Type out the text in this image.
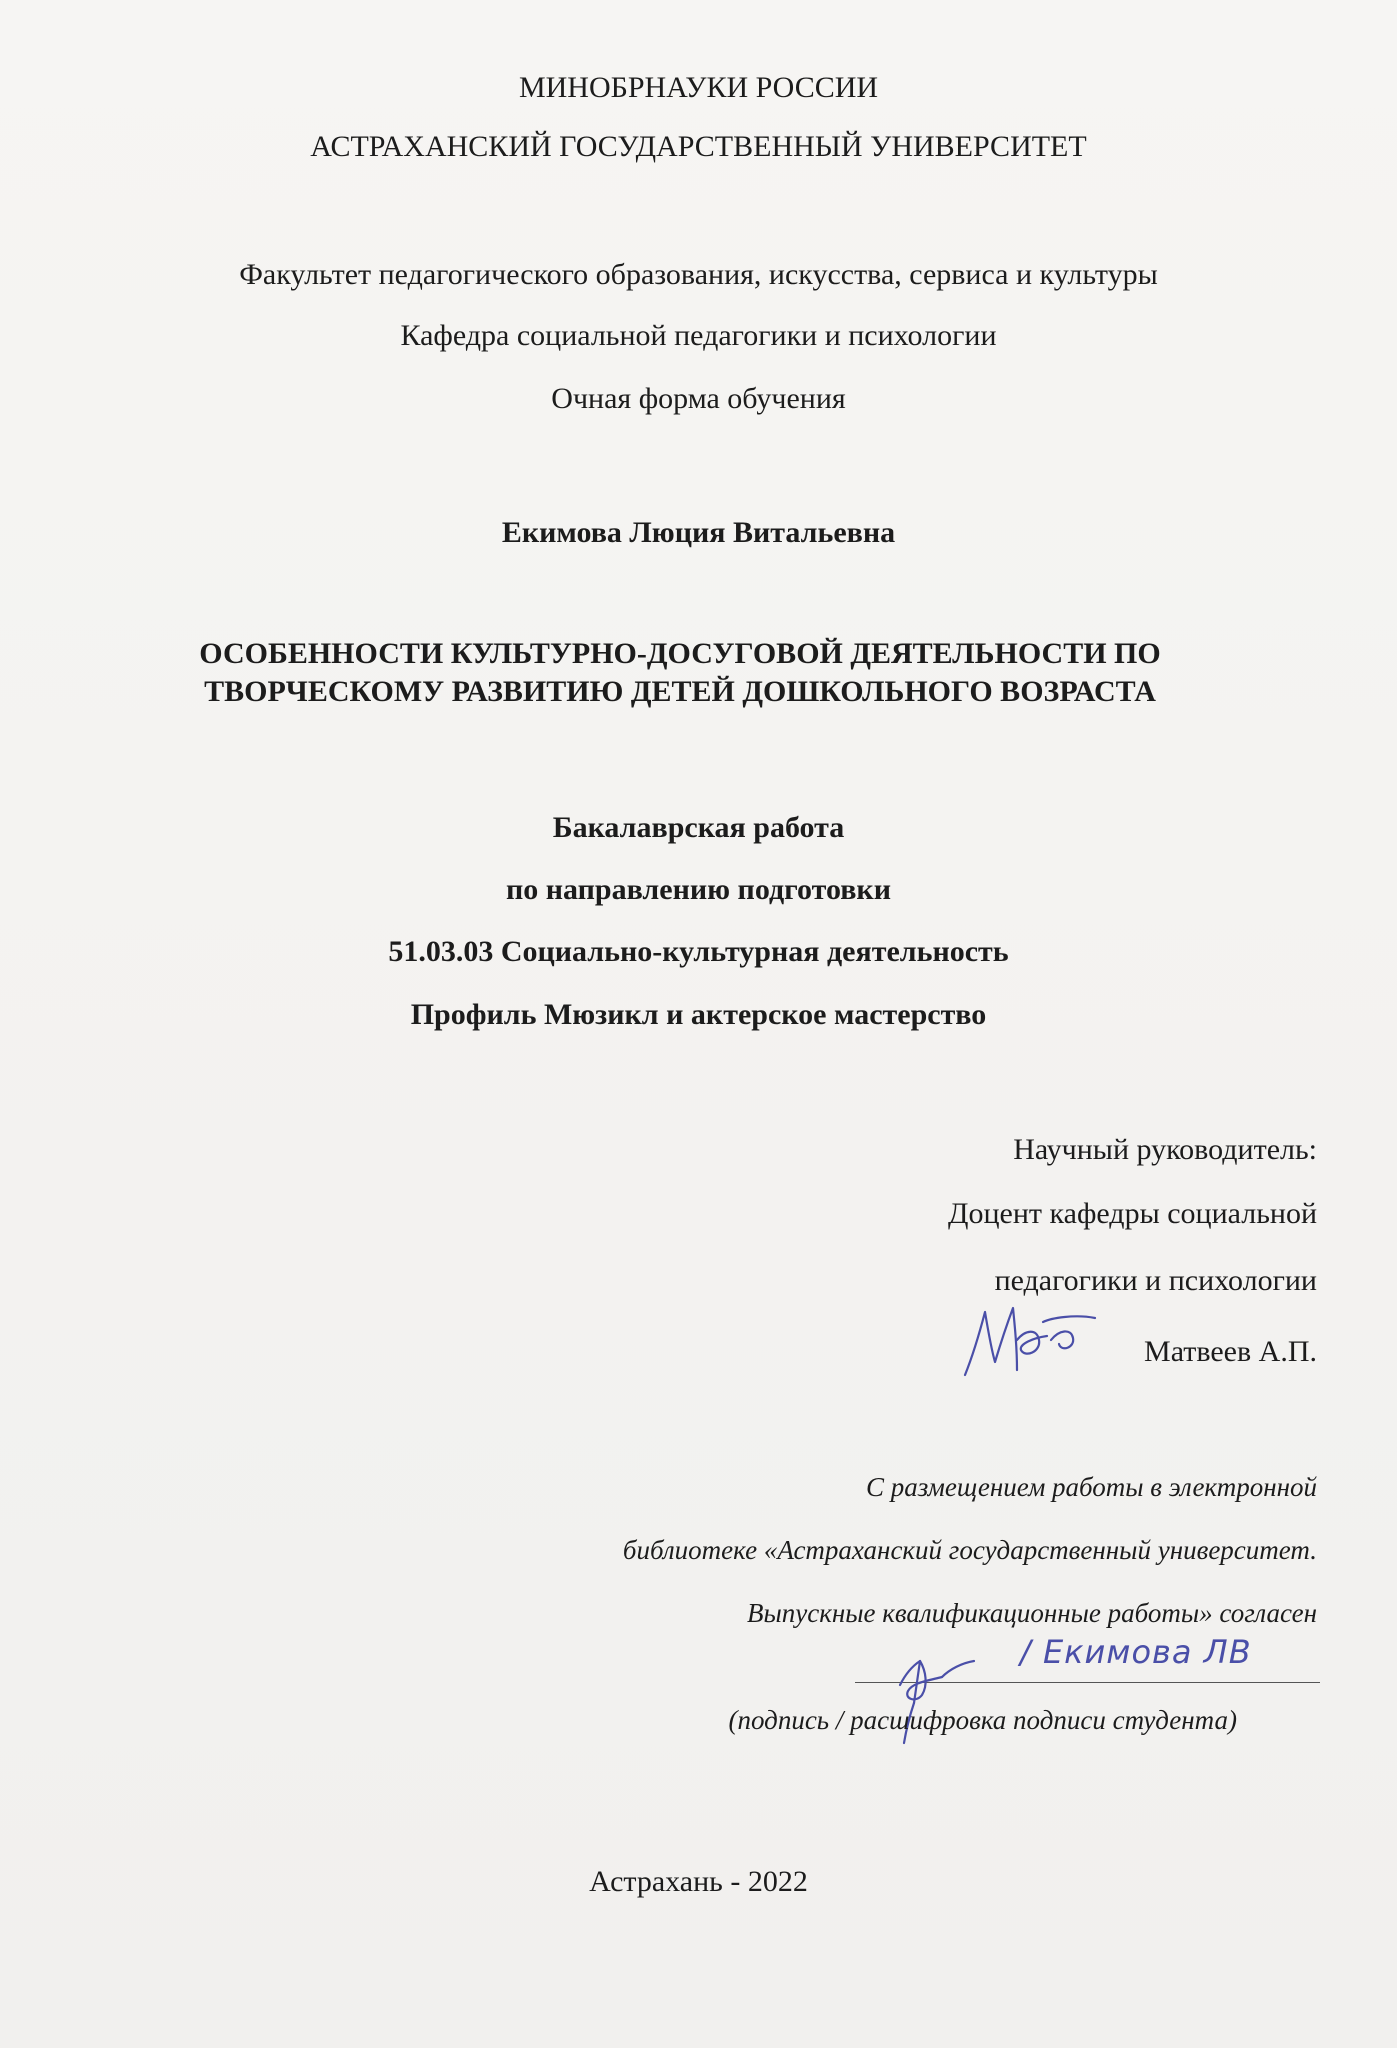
МИНОБРНАУКИ РОССИИ
АСТРАХАНСКИЙ ГОСУДАРСТВЕННЫЙ УНИВЕРСИТЕТ
Факультет педагогического образования, искусства, сервиса и культуры
Кафедра социальной педагогики и психологии
Очная форма обучения
Екимова Люция Витальевна
ОСОБЕННОСТИ КУЛЬТУРНО-ДОСУГОВОЙ ДЕЯТЕЛЬНОСТИ ПО
ТВОРЧЕСКОМУ РАЗВИТИЮ ДЕТЕЙ ДОШКОЛЬНОГО ВОЗРАСТА
Бакалаврская работа
по направлению подготовки
51.03.03 Социально-культурная деятельность
Профиль Мюзикл и актерское мастерство
Научный руководитель:
Доцент кафедры социальной
педагогики и психологии
Матвеев А.П.
С размещением работы в электронной
библиотеке «Астраханский государственный университет.
Выпускные квалификационные работы» согласен
/ Екимова ЛВ
(подпись / расшифровка подписи студента)
Астрахань - 2022
